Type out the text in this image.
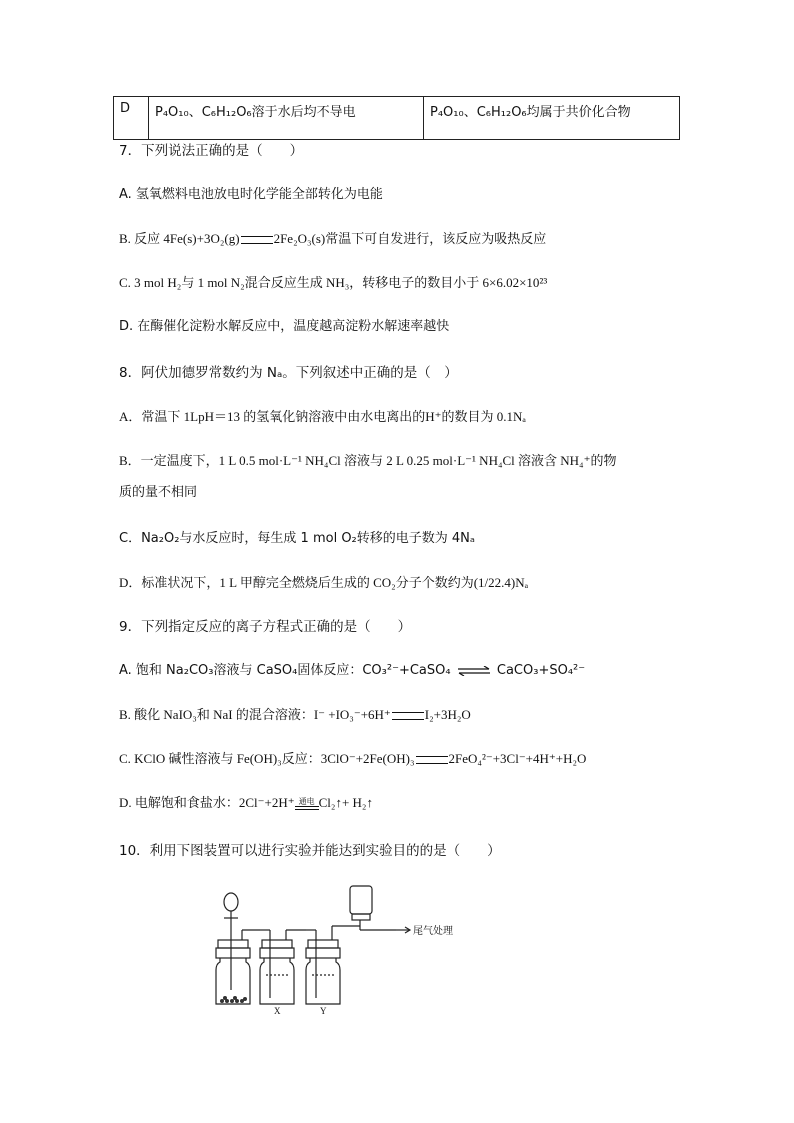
D	P₄O₁₀、C₆H₁₂O₆溶于水后均不导电	P₄O₁₀、C₆H₁₂O₆均属于共价化合物
7．下列说法正确的是（　　）
A. 氢氧燃料电池放电时化学能全部转化为电能
B. 反应 4Fe(s)+3O₂(g)	2Fe₂O₃(s)常温下可自发进行，该反应为吸热反应
C. 3 mol H₂与 1 mol N₂混合反应生成 NH₃，转移电子的数目小于 6×6.02×10²³
D. 在酶催化淀粉水解反应中，温度越高淀粉水解速率越快
8．阿伏加德罗常数约为 Nₐ。下列叙述中正确的是（　）
A．常温下 1LpH＝13 的氢氧化钠溶液中由水电离出的H⁺的数目为 0.1Nₐ
B．一定温度下，1 L 0.5 mol·L⁻¹ NH₄Cl 溶液与 2 L 0.25 mol·L⁻¹ NH₄Cl 溶液含 NH₄⁺的物
质的量不相同
C．Na₂O₂与水反应时，每生成 1 mol O₂转移的电子数为 4Nₐ
D．标准状况下，1 L 甲醇完全燃烧后生成的 CO₂分子个数约为(1/22.4)Nₐ
9．下列指定反应的离子方程式正确的是（　　）
A. 饱和 Na₂CO₃溶液与 CaSO₄固体反应：CO₃²⁻+CaSO₄ ⇌ CaCO₃+SO₄²⁻
B. 酸化 NaIO₃和 NaI 的混合溶液：I⁻ +IO₃⁻+6H⁺	I₂+3H₂O
C. KClO 碱性溶液与 Fe(OH)₃反应：3ClO⁻+2Fe(OH)₃	2FeO₄²⁻+3Cl⁻+4H⁺+H₂O
D. 电解饱和食盐水：2Cl⁻+2H⁺ 通电 Cl₂↑+ H₂↑
10．利用下图装置可以进行实验并能达到实验目的的是（　　）
尾气处理
X	Y
